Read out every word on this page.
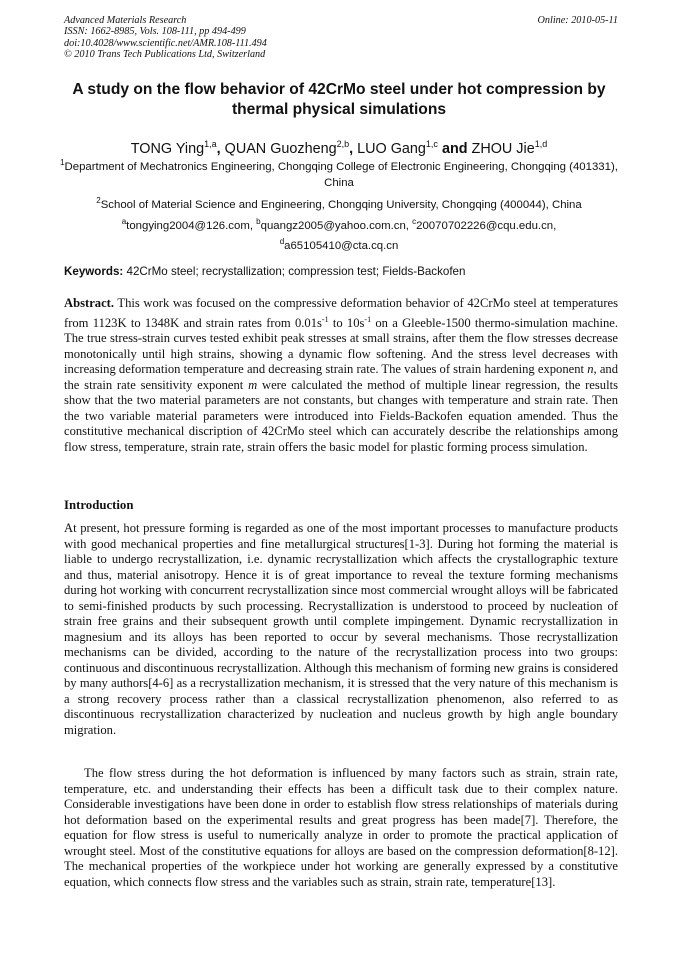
Advanced Materials Research
ISSN: 1662-8985, Vols. 108-111, pp 494-499
doi:10.4028/www.scientific.net/AMR.108-111.494
© 2010 Trans Tech Publications Ltd, Switzerland
Online: 2010-05-11
A study on the flow behavior of 42CrMo steel under hot compression by thermal physical simulations
TONG Ying$^{1,a}$, QUAN Guozheng$^{2,b}$, LUO Gang$^{1,c}$ and ZHOU Jie$^{1,d}$
$^1$Department of Mechatronics Engineering, Chongqing College of Electronic Engineering, Chongqing (401331), China
$^2$School of Material Science and Engineering, Chongqing University, Chongqing (400044), China
$^a$tongying2004@126.com, $^b$quangz2005@yahoo.com.cn, $^c$20070702226@cqu.edu.cn,
$^d$a65105410@cta.cq.cn
Keywords: 42CrMo steel; recrystallization; compression test; Fields-Backofen
Abstract. This work was focused on the compressive deformation behavior of 42CrMo steel at temperatures from 1123K to 1348K and strain rates from $0.01s^{-1}$ to $10s^{-1}$ on a Gleeble-1500 thermo-simulation machine. The true stress-strain curves tested exhibit peak stresses at small strains, after them the flow stresses decrease monotonically until high strains, showing a dynamic flow softening. And the stress level decreases with increasing deformation temperature and decreasing strain rate. The values of strain hardening exponent n, and the strain rate sensitivity exponent m were calculated the method of multiple linear regression, the results show that the two material parameters are not constants, but changes with temperature and strain rate. Then the two variable material parameters were introduced into Fields-Backofen equation amended. Thus the constitutive mechanical discription of 42CrMo steel which can accurately describe the relationships among flow stress, temperature, strain rate, strain offers the basic model for plastic forming process simulation.
Introduction
At present, hot pressure forming is regarded as one of the most important processes to manufacture products with good mechanical properties and fine metallurgical structures[1-3]. During hot forming the material is liable to undergo recrystallization, i.e. dynamic recrystallization which affects the crystallographic texture and thus, material anisotropy. Hence it is of great importance to reveal the texture forming mechanisms during hot working with concurrent recrystallization since most commercial wrought alloys will be fabricated to semi-finished products by such processing. Recrystallization is understood to proceed by nucleation of strain free grains and their subsequent growth until complete impingement. Dynamic recrystallization in magnesium and its alloys has been reported to occur by several mechanisms. Those recrystallization mechanisms can be divided, according to the nature of the recrystallization process into two groups: continuous and discontinuous recrystallization. Although this mechanism of forming new grains is considered by many authors[4-6] as a recrystallization mechanism, it is stressed that the very nature of this mechanism is a strong recovery process rather than a classical recrystallization phenomenon, also referred to as discontinuous recrystallization characterized by nucleation and nucleus growth by high angle boundary migration.
The flow stress during the hot deformation is influenced by many factors such as strain, strain rate, temperature, etc. and understanding their effects has been a difficult task due to their complex nature. Considerable investigations have been done in order to establish flow stress relationships of materials during hot deformation based on the experimental results and great progress has been made[7]. Therefore, the equation for flow stress is useful to numerically analyze in order to promote the practical application of wrought steel. Most of the constitutive equations for alloys are based on the compression deformation[8-12]. The mechanical properties of the workpiece under hot working are generally expressed by a constitutive equation, which connects flow stress and the variables such as strain, strain rate, temperature[13].
